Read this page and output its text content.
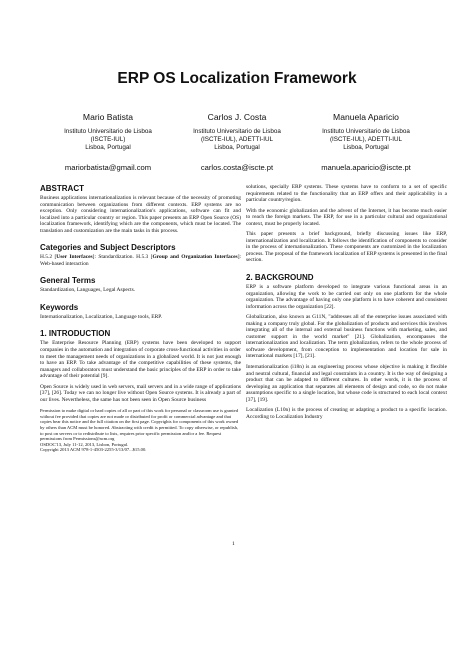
ERP OS Localization Framework
Mario Batista
Instituto Universitario de Lisboa
(ISCTE-IUL)
Lisboa, Portugal
mariorbatista@gmail.com
Carlos J. Costa
Instituto Universitario de Lisboa
(ISCTE-IUL), ADETTI-IUL
Lisboa, Portugal
carlos.costa@iscte.pt
Manuela Aparicio
Instituto Universitario de Lisboa
(ISCTE-IUL), ADETTI-IUL
Lisboa, Portugal
manuela.aparicio@iscte.pt
ABSTRACT
Business applications internationalization is relevant because of the necessity of promoting communication between organizations from different contexts. ERP systems are no exception. Only considering internationalization's applications, software can fit and localized into a particular country or region. This paper presents an ERP Open Source (OS) localization framework, identifying which are the components, which must be located. The translation and customization are the main tasks in this process.
Categories and Subject Descriptors
H.5.2 [User Interfaces]: Standardization. H.5.3 [Group and Organization Interfaces]: Web-based interaction
General Terms
Standardization, Languages, Legal Aspects.
Keywords
Internationalization, Localization, Language tools, ERP.
1. INTRODUCTION
The Enterprise Resource Planning (ERP) systems have been developed to support companies in the automation and integration of corporate cross-functional activities in order to meet the management needs of organizations in a globalized world. It is not just enough to have an ERP. To take advantage of the competitive capabilities of these systems, the managers and collaborators must understand the basic principles of the ERP in order to take advantage of their potential [9].
Open Source is widely used in web servers, mail servers and in a wide range of applications [37], [26]. Today we can no longer live without Open Source systems. It is already a part of our lives. Nevertheless, the same has not been seen in Open Source business
Permission to make digital or hard copies of all or part of this work for personal or classroom use is granted without fee provided that copies are not made or distributed for profit or commercial advantage and that copies bear this notice and the full citation on the first page. Copyrights for components of this work owned by others than ACM must be honored. Abstracting with credit is permitted. To copy otherwise, or republish, to post on servers or to redistribute to lists, requires prior specific permission and/or a fee. Request permissions from Permissions@acm.org
OSDOC'13, July 11-12, 2013, Lisbon, Portugal.
Copyright 2013 ACM 978-1-4503-2255-3/13/07...$15.00.
solutions, specially ERP systems. These systems have to conform to a set of specific requirements related to the functionality that an ERP offers and their applicability in a particular country/region.
With the economic globalization and the advent of the Internet, it has become much easier to reach the foreign markets. The ERP, for use in a particular cultural and organizational context, must be properly located.
This paper presents a brief background, briefly discussing issues like ERP, internationalization and localization. It follows the identification of components to consider in the process of internationalization. These components are customized in the localization process. The proposal of the framework localization of ERP systems is presented in the final section.
2. BACKGROUND
ERP is a software platform developed to integrate various functional areas in an organization, allowing the work to be carried out only on one platform for the whole organization. The advantage of having only one platform is to have coherent and consistent information across the organization [22].
Globalization, also known as G11N, "addresses all of the enterprise issues associated with making a company truly global. For the globalization of products and services this involves integrating all of the internal and external business functions with marketing, sales, and customer support in the world market" [21]. Globalization, encompasses the internationalization and localization. The term globalization, refers to the whole process of software development, from conception to implementation and location for sale in international markets [17], [21].
Internationalization (i18n) is an engineering process whose objective is making it flexible and neutral cultural, financial and legal constraints in a country. It is the way of designing a product that can be adapted to different cultures. In other words, it is the process of developing an application that separates all elements of design and code, so do not make assumptions specific to a single location, but whose code is structured to each local context [37], [19].
Localization (L10n) is the process of creating or adapting a product to a specific location. According to Localization Industry
1
